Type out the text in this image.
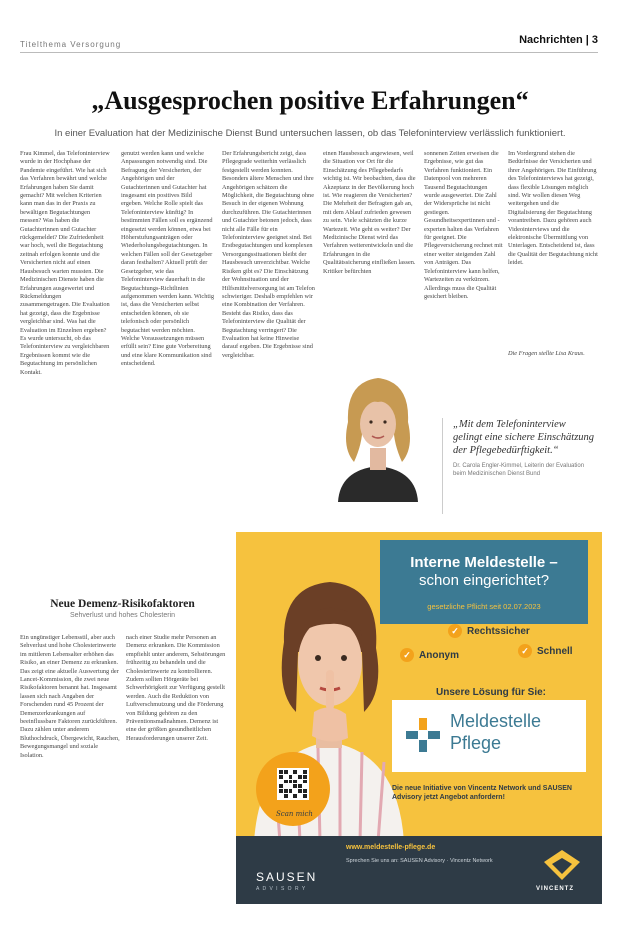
Titelthema Versorgung	Nachrichten | 3
„Ausgesprochen positive Erfahrungen“

In einer Evaluation hat der Medizinische Dienst Bund untersuchen lassen, ob das Telefoninterview verlässlich funktioniert.

Frau Kimmel, das Telefoninterview wurde in der Hochphase der Pandemie eingeführt. Wie hat sich das Verfahren bewährt und welche Erfahrungen haben Sie damit gemacht? Mit welchen Kriterien kann man das in der Praxis zu bewältigen Begutachtungen messen? Was haben die Gutachterinnen und Gutachter rückgemeldet? Die Zufriedenheit war hoch, weil die Begutachtung zeitnah erfolgen konnte und die Versicherten nicht auf einen Hausbesuch warten mussten. Die Medizinischen Dienste haben die Erfahrungen ausgewertet und Rückmeldungen zusammengetragen. Die Evaluation hat gezeigt, dass die Ergebnisse vergleichbar sind. Was hat die Evaluation im Einzelnen ergeben? Es wurde untersucht, ob das Telefoninterview zu vergleichbaren Ergebnissen kommt wie die Begutachtung im persönlichen Kontakt.
genutzt werden kann und welche Anpassungen notwendig sind. Die Befragung der Versicherten, der Angehörigen und der Gutachterinnen und Gutachter hat insgesamt ein positives Bild ergeben. Welche Rolle spielt das Telefoninterview künftig? In bestimmten Fällen soll es ergänzend eingesetzt werden können, etwa bei Höherstufungsanträgen oder Wiederholungsbegutachtungen. In welchen Fällen soll der Gesetzgeber daran festhalten? Aktuell prüft der Gesetzgeber, wie das Telefoninterview dauerhaft in die Begutachtungs-Richtlinien aufgenommen werden kann. Wichtig ist, dass die Versicherten selbst entscheiden können, ob sie telefonisch oder persönlich begutachtet werden möchten. Welche Voraussetzungen müssen erfüllt sein? Eine gute Vorbereitung und eine klare Kommunikation sind entscheidend.
Der Erfahrungsbericht zeigt, dass Pflegegrade weiterhin verlässlich festgestellt werden konnten. Besonders ältere Menschen und ihre Angehörigen schätzen die Möglichkeit, die Begutachtung ohne Besuch in der eigenen Wohnung durchzuführen. Die Gutachterinnen und Gutachter betonen jedoch, dass nicht alle Fälle für ein Telefoninterview geeignet sind. Bei Erstbegutachtungen und komplexen Versorgungssituationen bleibt der Hausbesuch unverzichtbar. Welche Risiken gibt es? Die Einschätzung der Wohnsituation und der Hilfsmittelversorgung ist am Telefon schwieriger. Deshalb empfehlen wir eine Kombination der Verfahren. Besteht das Risiko, dass das Telefoninterview die Qualität der Begutachtung verringert? Die Evaluation hat keine Hinweise darauf ergeben. Die Ergebnisse sind vergleichbar.
einen Hausbesuch angewiesen, weil die Situation vor Ort für die Einschätzung des Pflegebedarfs wichtig ist. Wir beobachten, dass die Akzeptanz in der Bevölkerung hoch ist. Wie reagieren die Versicherten? Die Mehrheit der Befragten gab an, mit dem Ablauf zufrieden gewesen zu sein. Viele schätzten die kurze Wartezeit. Wie geht es weiter? Der Medizinische Dienst wird das Verfahren weiterentwickeln und die Erfahrungen in die Qualitätssicherung einfließen lassen. Kritiker befürchten
sonnenen Zeiten erweisen die Ergebnisse, wie gut das Verfahren funktioniert. Ein Datenpool von mehreren Tausend Begutachtungen wurde ausgewertet. Die Zahl der Widersprüche ist nicht gestiegen. Gesundheitsexpertinnen und -experten halten das Verfahren für geeignet. Die Pflegeversicherung rechnet mit einer weiter steigenden Zahl von Anträgen. Das Telefoninterview kann helfen, Wartezeiten zu verkürzen. Allerdings muss die Qualität gesichert bleiben.
Im Vordergrund stehen die Bedürfnisse der Versicherten und ihrer Angehörigen. Die Einführung des Telefoninterviews hat gezeigt, dass flexible Lösungen möglich sind. Wir wollen diesen Weg weitergehen und die Digitalisierung der Begutachtung vorantreiben. Dazu gehören auch Videointerviews und die elektronische Übermittlung von Unterlagen. Entscheidend ist, dass die Qualität der Begutachtung nicht leidet.
Die Fragen stellte Lisa Kraus.

„Mit dem Telefoninterview gelingt eine sichere Einschätzung der Pflegebedürftigkeit.“

Dr. Carola Engler-Kimmel, Leiterin der Evaluation beim Medizinischen Dienst Bund

Neue Demenz-Risikofaktoren

Sehverlust und hohes Cholesterin

Ein ungünstiger Lebensstil, aber auch Sehverlust und hohe Cholesterinwerte im mittleren Lebensalter erhöhen das Risiko, an einer Demenz zu erkranken. Das zeigt eine aktuelle Auswertung der Lancet-Kommission, die zwei neue Risikofaktoren benannt hat. Insgesamt lassen sich nach Angaben der Forschenden rund 45 Prozent der Demenzerkrankungen auf beeinflussbare Faktoren zurückführen. Dazu zählen unter anderem Bluthochdruck, Übergewicht, Rauchen, Bewegungsmangel und soziale Isolation.
nach einer Studie mehr Personen an Demenz erkranken. Die Kommission empfiehlt unter anderem, Sehstörungen frühzeitig zu behandeln und die Cholesterinwerte zu kontrollieren. Zudem sollten Hörgeräte bei Schwerhörigkeit zur Verfügung gestellt werden. Auch die Reduktion von Luftverschmutzung und die Förderung von Bildung gehören zu den Präventionsmaßnahmen. Demenz ist eine der größten gesundheitlichen Herausforderungen unserer Zeit.
Interne Meldestelle –
schon eingerichtet?
gesetzliche Pflicht seit 02.07.2023
✓ Rechtssicher
✓ Anonym	✓ Schnell
Unsere Lösung für Sie:
Meldestelle
Pflege
Die neue Initiative von Vincentz Network und SAUSEN Advisory jetzt Angebot anfordern!
Scan mich
www.meldestelle-pflege.de
Sprechen Sie uns an: SAUSEN Advisory · Vincentz Network
SAUSEN
A D V I S O R Y	VINCENTZ
